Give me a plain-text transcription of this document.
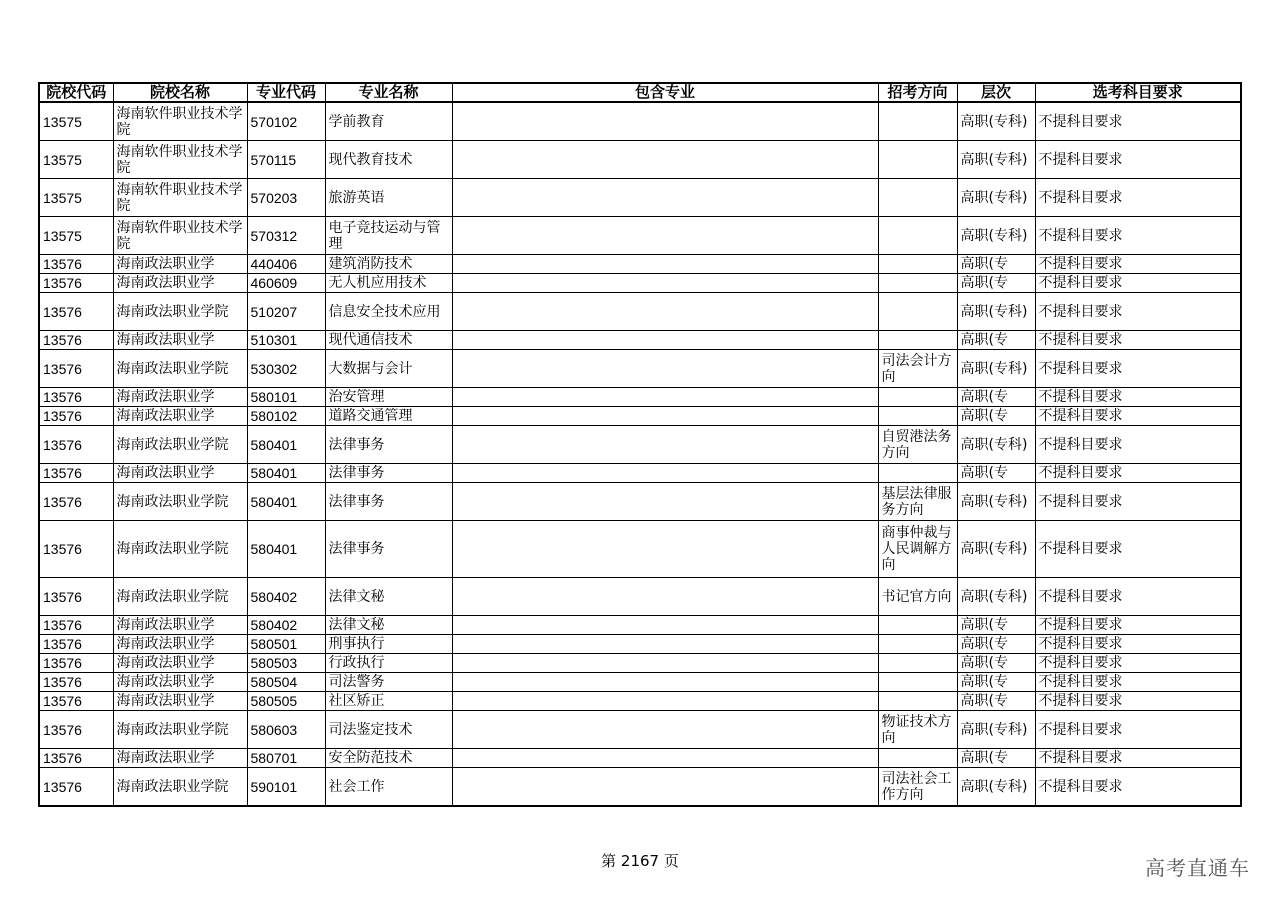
院校代码	院校名称	专业代码	专业名称	包含专业	招考方向	层次	选考科目要求
13575	海南软件职业技术学院	570102	学前教育			高职(专科)	不提科目要求
13575	海南软件职业技术学院	570115	现代教育技术			高职(专科)	不提科目要求
13575	海南软件职业技术学院	570203	旅游英语			高职(专科)	不提科目要求
13575	海南软件职业技术学院	570312	电子竞技运动与管理			高职(专科)	不提科目要求
13576	海南政法职业学	440406	建筑消防技术			高职(专	不提科目要求
13576	海南政法职业学	460609	无人机应用技术			高职(专	不提科目要求
13576	海南政法职业学院	510207	信息安全技术应用			高职(专科)	不提科目要求
13576	海南政法职业学	510301	现代通信技术			高职(专	不提科目要求
13576	海南政法职业学院	530302	大数据与会计		司法会计方向	高职(专科)	不提科目要求
13576	海南政法职业学	580101	治安管理			高职(专	不提科目要求
13576	海南政法职业学	580102	道路交通管理			高职(专	不提科目要求
13576	海南政法职业学院	580401	法律事务		自贸港法务方向	高职(专科)	不提科目要求
13576	海南政法职业学	580401	法律事务			高职(专	不提科目要求
13576	海南政法职业学院	580401	法律事务		基层法律服务方向	高职(专科)	不提科目要求
13576	海南政法职业学院	580401	法律事务		商事仲裁与人民调解方向	高职(专科)	不提科目要求
13576	海南政法职业学院	580402	法律文秘		书记官方向	高职(专科)	不提科目要求
13576	海南政法职业学	580402	法律文秘			高职(专	不提科目要求
13576	海南政法职业学	580501	刑事执行			高职(专	不提科目要求
13576	海南政法职业学	580503	行政执行			高职(专	不提科目要求
13576	海南政法职业学	580504	司法警务			高职(专	不提科目要求
13576	海南政法职业学	580505	社区矫正			高职(专	不提科目要求
13576	海南政法职业学院	580603	司法鉴定技术		物证技术方向	高职(专科)	不提科目要求
13576	海南政法职业学	580701	安全防范技术			高职(专	不提科目要求
13576	海南政法职业学院	590101	社会工作		司法社会工作方向	高职(专科)	不提科目要求
第 2167 页	高考直通车
